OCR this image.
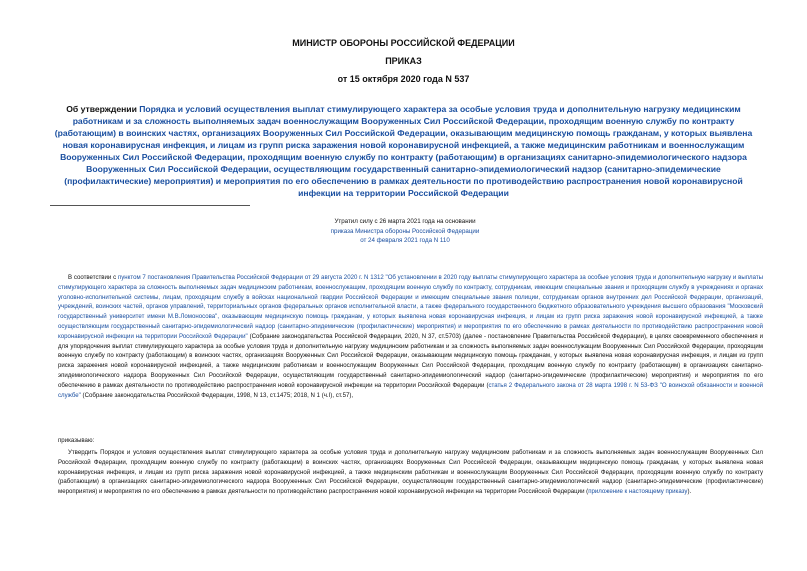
МИНИСТР ОБОРОНЫ РОССИЙСКОЙ ФЕДЕРАЦИИ
ПРИКАЗ
от 15 октября 2020 года N 537
Об утверждении Порядка и условий осуществления выплат стимулирующего характера за особые условия труда и дополнительную нагрузку медицинским работникам и за сложность выполняемых задач военнослужащим Вооруженных Сил Российской Федерации, проходящим военную службу по контракту (работающим) в воинских частях, организациях Вооруженных Сил Российской Федерации, оказывающим медицинскую помощь гражданам, у которых выявлена новая коронавирусная инфекция, и лицам из групп риска заражения новой коронавирусной инфекцией, а также медицинским работникам и военнослужащим Вооруженных Сил Российской Федерации, проходящим военную службу по контракту (работающим) в организациях санитарно-эпидемиологического надзора Вооруженных Сил Российской Федерации, осуществляющим государственный санитарно-эпидемиологический надзор (санитарно-эпидемические (профилактические) мероприятия) и мероприятия по его обеспечению в рамках деятельности по противодействию распространения новой коронавирусной инфекции на территории Российской Федерации
Утратил силу с 26 марта 2021 года на основании
приказа Министра обороны Российской Федерации
от 24 февраля 2021 года N 110
В соответствии с пунктом 7 постановления Правительства Российской Федерации от 29 августа 2020 г. N 1312 "Об установлении в 2020 году выплаты стимулирующего характера за особые условия труда и дополнительную нагрузку и выплаты стимулирующего характера за сложность выполняемых задач медицинским работникам, военнослужащим, проходящим военную службу по контракту, сотрудникам, имеющим специальные звания и проходящим службу в учреждениях и органах уголовно-исполнительной системы, лицам, проходящим службу в войсках национальной гвардии Российской Федерации и имеющим специальные звания полиции, сотрудникам органов внутренних дел Российской Федерации, организаций, учреждений, воинских частей, органов управлений, территориальных органов федеральных органов исполнительной власти, а также федерального государственного бюджетного образовательного учреждения высшего образования "Московский государственный университет имени М.В.Ломоносова", оказывающим медицинскую помощь гражданам, у которых выявлена новая коронавирусная инфекция, и лицам из групп риска заражения новой коронавирусной инфекцией, а также осуществляющим государственный санитарно-эпидемиологический надзор (санитарно-эпидемические (профилактические) мероприятия) и мероприятия по его обеспечению в рамках деятельности по противодействию распространения новой коронавирусной инфекции на территории Российской Федерации" (Собрание законодательства Российской Федерации, 2020, N 37, ст.5703) (далее - постановление Правительства Российской Федерации), в целях своевременного обеспечения и для упорядочения выплат стимулирующего характера за особые условия труда и дополнительную нагрузку медицинским работникам и за сложность выполняемых задач военнослужащим Вооруженных Сил Российской Федерации, проходящим военную службу по контракту (работающим) в воинских частях, организациях Вооруженных Сил Российской Федерации, оказывающим медицинскую помощь гражданам, у которых выявлена новая коронавирусная инфекция, и лицам из групп риска заражения новой коронавирусной инфекцией, а также медицинским работникам и военнослужащим Вооруженных Сил Российской Федерации, проходящим военную службу по контракту (работающим) в организациях санитарно-эпидемиологического надзора Вооруженных Сил Российской Федерации, осуществляющим государственный санитарно-эпидемиологический надзор (санитарно-эпидемические (профилактические) мероприятия) и мероприятия по его обеспечению в рамках деятельности по противодействию распространения новой коронавирусной инфекции на территории Российской Федерации (статья 2 Федерального закона от 28 марта 1998 г. N 53-ФЗ "О воинской обязанности и военной службе" (Собрание законодательства Российской Федерации, 1998, N 13, ст.1475; 2018, N 1 (ч.I), ст.57),
приказываю:
Утвердить Порядок и условия осуществления выплат стимулирующего характера за особые условия труда и дополнительную нагрузку медицинским работникам и за сложность выполняемых задач военнослужащим Вооруженных Сил Российской Федерации, проходящим военную службу по контракту (работающим) в воинских частях, организациях Вооруженных Сил Российской Федерации, оказывающим медицинскую помощь гражданам, у которых выявлена новая коронавирусная инфекция, и лицам из групп риска заражения новой коронавирусной инфекцией, а также медицинским работникам и военнослужащим Вооруженных Сил Российской Федерации, проходящим военную службу по контракту (работающим) в организациях санитарно-эпидемиологического надзора Вооруженных Сил Российской Федерации, осуществляющим государственный санитарно-эпидемиологический надзор (санитарно-эпидемические (профилактические) мероприятия) и мероприятия по его обеспечению в рамках деятельности по противодействию распространения новой коронавирусной инфекции на территории Российской Федерации (приложение к настоящему приказу).
